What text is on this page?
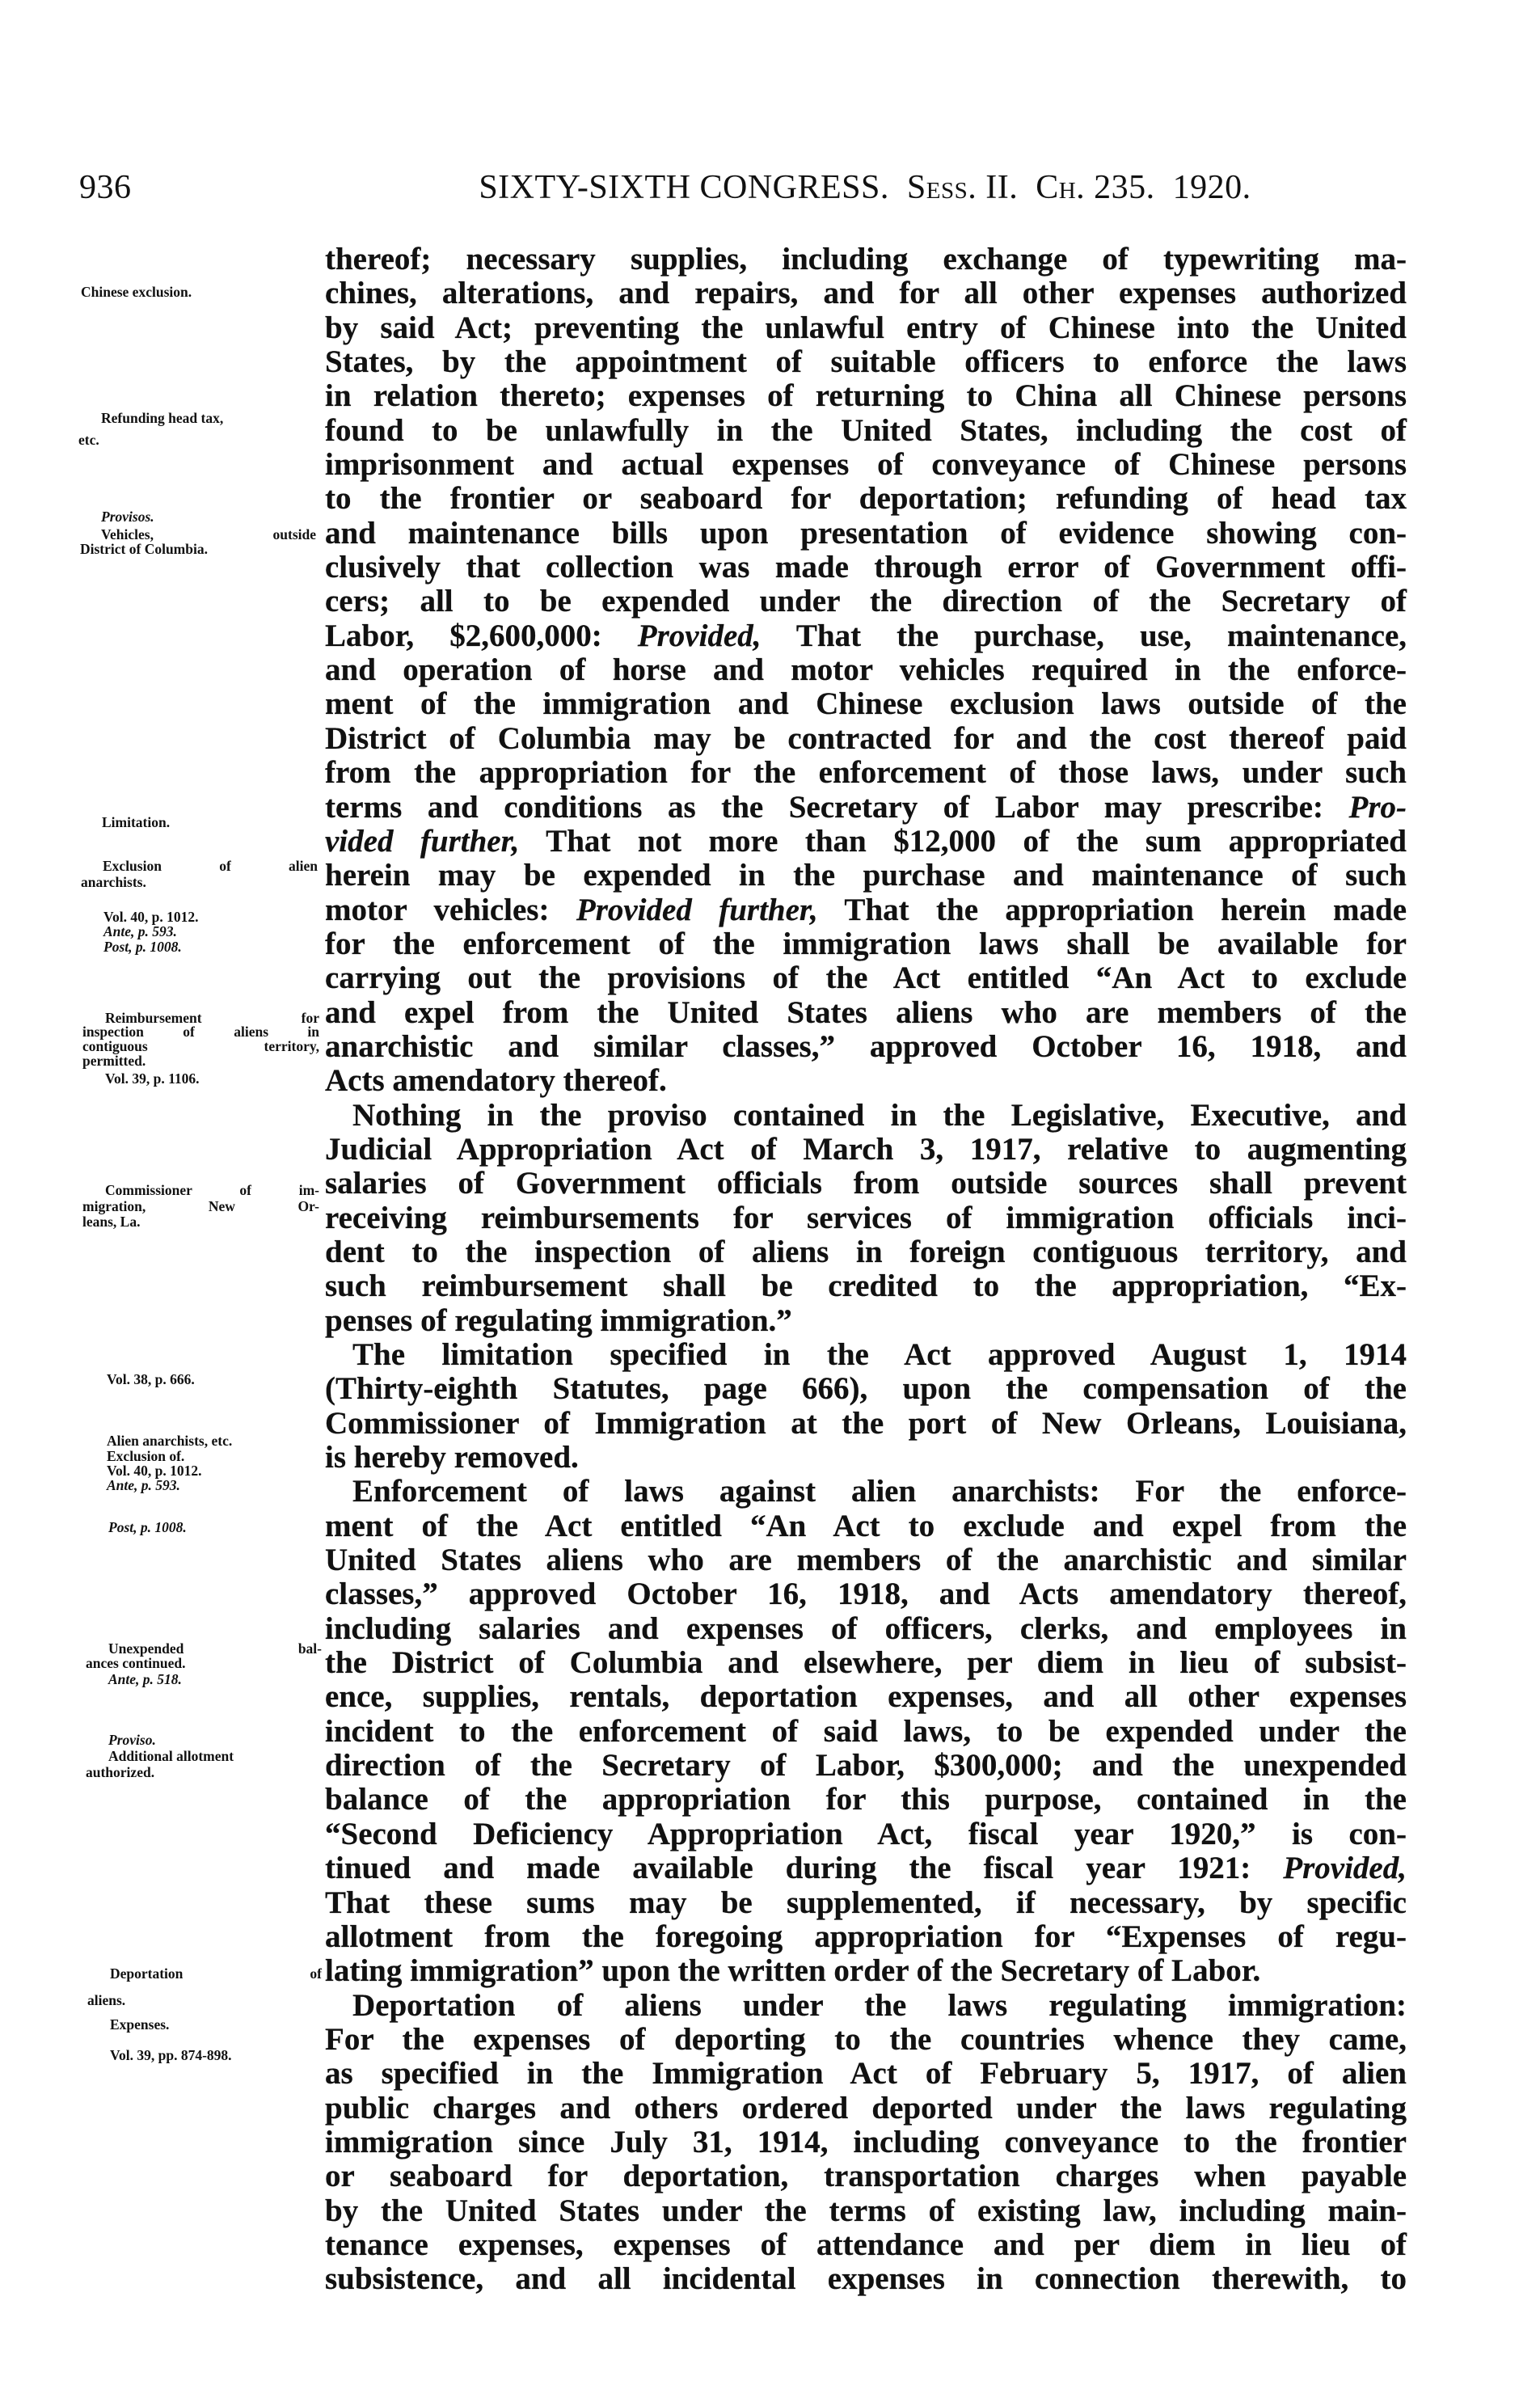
936	SIXTY-SIXTH CONGRESS. Sess. II. Ch. 235. 1920.
thereof; necessary supplies, including exchange of typewriting ma-
chines, alterations, and repairs, and for all other expenses authorized
by said Act; preventing the unlawful entry of Chinese into the United
States, by the appointment of suitable officers to enforce the laws
in relation thereto; expenses of returning to China all Chinese persons
found to be unlawfully in the United States, including the cost of
imprisonment and actual expenses of conveyance of Chinese persons
to the frontier or seaboard for deportation; refunding of head tax
and maintenance bills upon presentation of evidence showing con-
clusively that collection was made through error of Government offi-
cers; all to be expended under the direction of the Secretary of
Labor, $2,600,000: Provided, That the purchase, use, maintenance,
and operation of horse and motor vehicles required in the enforce-
ment of the immigration and Chinese exclusion laws outside of the
District of Columbia may be contracted for and the cost thereof paid
from the appropriation for the enforcement of those laws, under such
terms and conditions as the Secretary of Labor may prescribe: Pro-
vided further, That not more than $12,000 of the sum appropriated
herein may be expended in the purchase and maintenance of such
motor vehicles: Provided further, That the appropriation herein made
for the enforcement of the immigration laws shall be available for
carrying out the provisions of the Act entitled “An Act to exclude
and expel from the United States aliens who are members of the
anarchistic and similar classes,” approved October 16, 1918, and
Acts amendatory thereof.
Nothing in the proviso contained in the Legislative, Executive, and
Judicial Appropriation Act of March 3, 1917, relative to augmenting
salaries of Government officials from outside sources shall prevent
receiving reimbursements for services of immigration officials inci-
dent to the inspection of aliens in foreign contiguous territory, and
such reimbursement shall be credited to the appropriation, “Ex-
penses of regulating immigration.”
The limitation specified in the Act approved August 1, 1914
(Thirty-eighth Statutes, page 666), upon the compensation of the
Commissioner of Immigration at the port of New Orleans, Louisiana,
is hereby removed.
Enforcement of laws against alien anarchists: For the enforce-
ment of the Act entitled “An Act to exclude and expel from the
United States aliens who are members of the anarchistic and similar
classes,” approved October 16, 1918, and Acts amendatory thereof,
including salaries and expenses of officers, clerks, and employees in
the District of Columbia and elsewhere, per diem in lieu of subsist-
ence, supplies, rentals, deportation expenses, and all other expenses
incident to the enforcement of said laws, to be expended under the
direction of the Secretary of Labor, $300,000; and the unexpended
balance of the appropriation for this purpose, contained in the
“Second Deficiency Appropriation Act, fiscal year 1920,” is con-
tinued and made available during the fiscal year 1921: Provided,
That these sums may be supplemented, if necessary, by specific
allotment from the foregoing appropriation for “Expenses of regu-
lating immigration” upon the written order of the Secretary of Labor.
Deportation of aliens under the laws regulating immigration:
For the expenses of deporting to the countries whence they came,
as specified in the Immigration Act of February 5, 1917, of alien
public charges and others ordered deported under the laws regulating
immigration since July 31, 1914, including conveyance to the frontier
or seaboard for deportation, transportation charges when payable
by the United States under the terms of existing law, including main-
tenance expenses, expenses of attendance and per diem in lieu of
subsistence, and all incidental expenses in connection therewith, to
Chinese exclusion.
Refunding head tax,
etc.
Provisos.
Vehicles, outside
District of Columbia.
Limitation.
Exclusion of alien
anarchists.
Vol. 40, p. 1012.
Ante, p. 593.
Post, p. 1008.
Reimbursement for
inspection of aliens in
contiguous territory,
permitted.
Vol. 39, p. 1106.
Commissioner of im-
migration, New Or-
leans, La.
Vol. 38, p. 666.
Alien anarchists, etc.
Exclusion of.
Vol. 40, p. 1012.
Ante, p. 593.
Post, p. 1008.
Unexpended bal-
ances continued.
Ante, p. 518.
Proviso.
Additional allotment
authorized.
Deportation of
aliens.
Expenses.
Vol. 39, pp. 874-898.
